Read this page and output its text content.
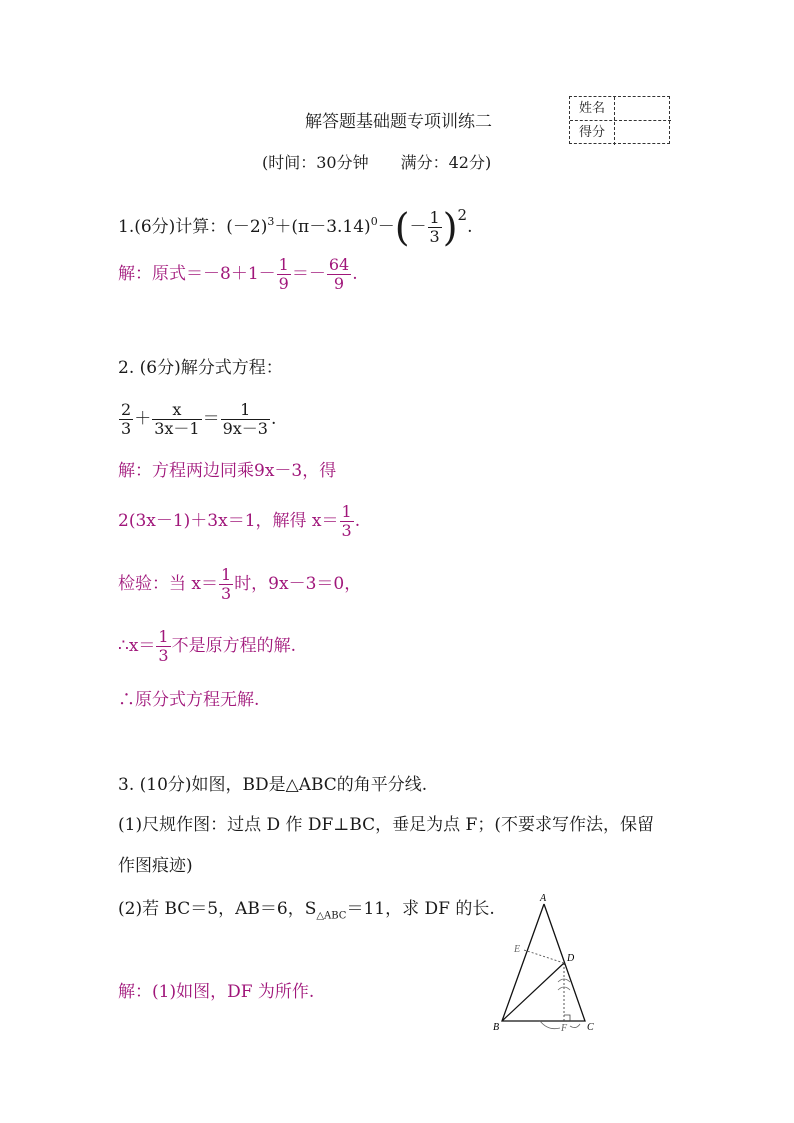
姓名
得分
解答题基础题专项训练二
(时间：30分钟　　满分：42分)
1.(6分)计算：$(-2)^3+(\pi-3.14)^0-(- \frac{1}{3} )^2$.
解：原式$=-8+1- \frac{1}{9} =- \frac{64}{9}$ .
2. (6分)解分式方程：
$\frac{2}{3} + \frac{x}{3x-1} = \frac{1}{9x-3}$ .
解：方程两边同乘9x－3，得
2(3x－1)＋3x＝1，解得 $x= \frac{1}{3}$ .
检验：当 $x= \frac{1}{3}$ 时，9x－3＝0，
∴x＝ $\frac{1}{3}$ 不是原方程的解.
∴原分式方程无解.
3. (10分)如图，BD是△ABC的角平分线.
(1)尺规作图：过点 D 作 DF⊥BC，垂足为点 F；(不要求写作法，保留
作图痕迹)
(2)若 BC＝5，AB＝6，$S_{\triangle ABC}=11$，求 DF 的长.
解：(1)如图，DF 为所作.
A
B	C
D
E
F
